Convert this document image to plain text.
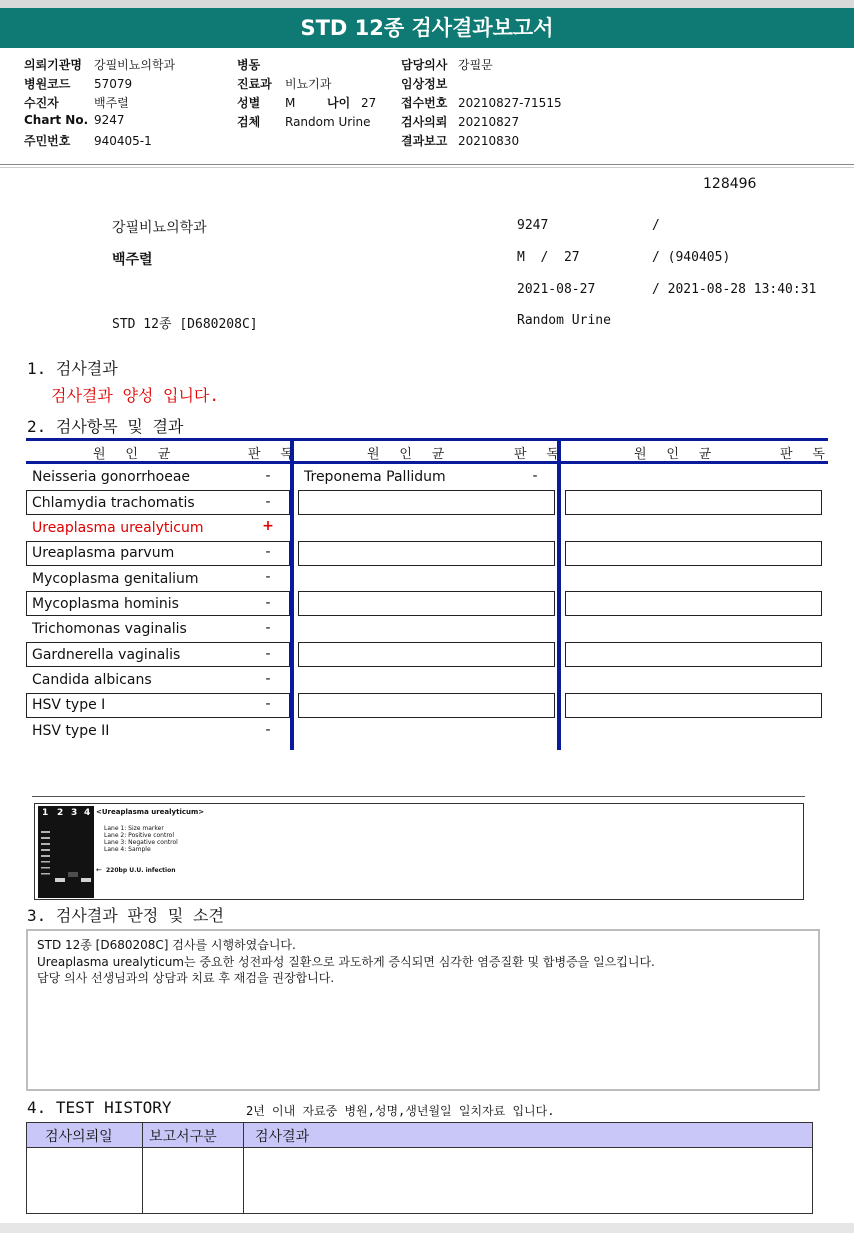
STD 12종 검사결과보고서
의뢰기관명 강필비뇨의학과
병원코드 57079
수진자	백주렬
Chart No. 9247
주민번호 940405-1
병동
진료과 비뇨기과
성별 M	나이 27
검체 Random Urine
담당의사 강필문
임상정보
접수번호 20210827-71515
검사의뢰 20210827
결과보고 20210830
128496
강필비뇨의학과	9247	/
백주렬	M  /  27	/ (940405)
2021-08-27	/ 2021-08-28 13:40:31
STD 12종 [D680208C]	Random Urine
1. 검사결과
검사결과 양성 입니다.
2. 검사항목 및 결과
원 인 균	판 독	원 인 균	판 독	원 인 균	판 독
Neisseria gonorrhoeae	-
Chlamydia trachomatis	-
Ureaplasma urealyticum	+
Ureaplasma parvum	-
Mycoplasma genitalium	-
Mycoplasma hominis	-
Trichomonas vaginalis	-
Gardnerella vaginalis	-
Candida albicans	-
HSV type I	-
HSV type II	-
Treponema Pallidum	-
1 2 3 4 <Ureaplasma urealyticum>
Lane 1: Size marker
Lane 2: Positive control
Lane 3: Negative control
Lane 4: Sample
← 220bp U.U. infection
3. 검사결과 판정 및 소견
STD 12종 [D680208C] 검사를 시행하였습니다.
Ureaplasma urealyticum는 중요한 성전파성 질환으로 과도하게 증식되면 심각한 염증질환 및 합병증을 일으킵니다.
담당 의사 선생님과의 상담과 치료 후 재검을 권장합니다.
4. TEST HISTORY	2년 이내 자료중 병원,성명,생년월일 일치자료 입니다.
검사의뢰일	보고서구분	검사결과
